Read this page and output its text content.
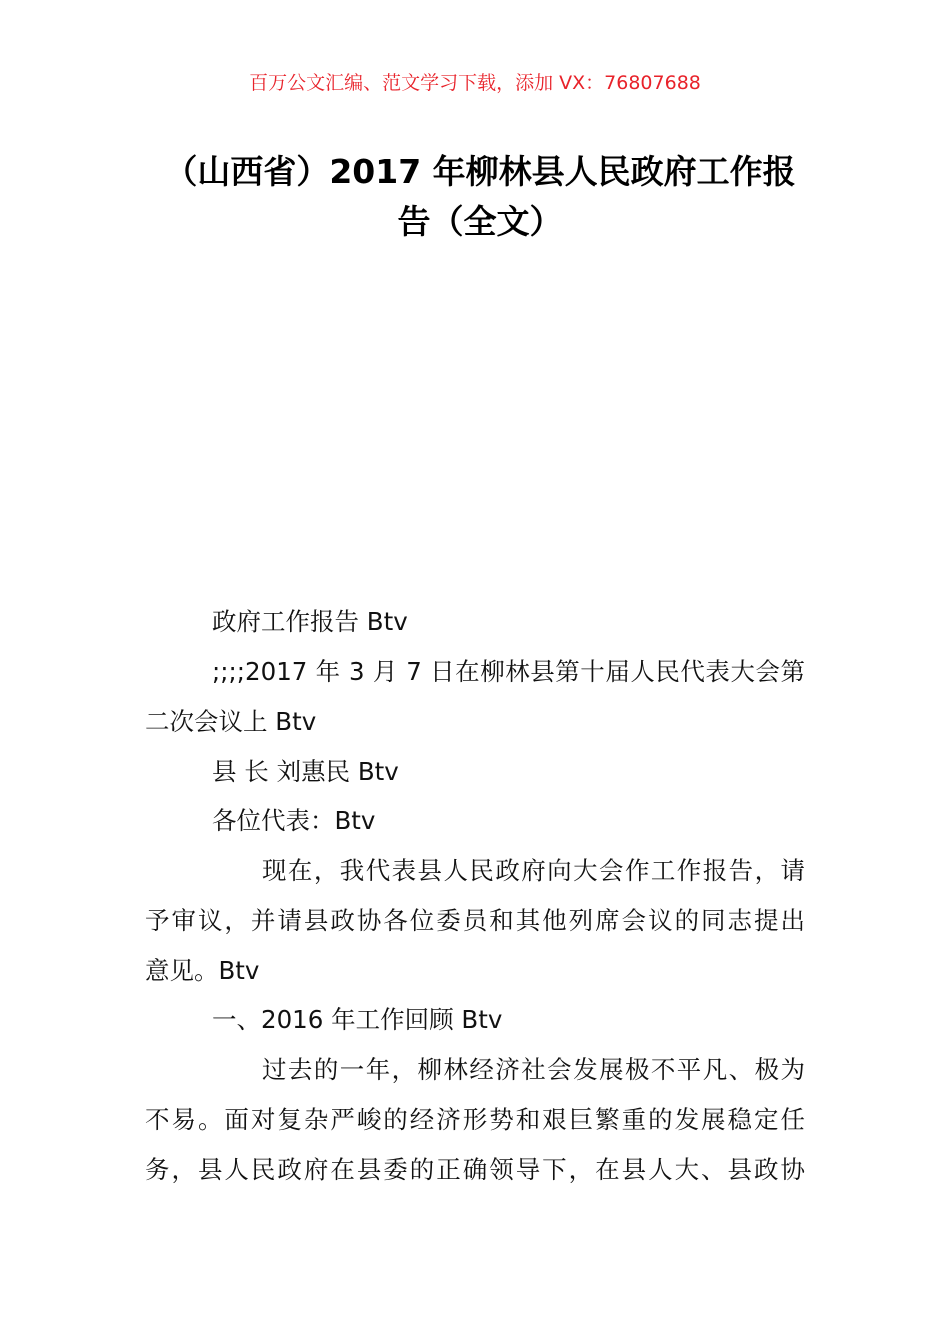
百万公文汇编、范文学习下载，添加 VX：76807688
（山西省）2017 年柳林县人民政府工作报
告（全文）
政府工作报告 Btv
;;;;2017 年 3 月 7 日在柳林县第十届人民代表大会第
二次会议上 Btv
县 长 刘惠民 Btv
各位代表：Btv
现在，我代表县人民政府向大会作工作报告，请
予审议，并请县政协各位委员和其他列席会议的同志提出
意见。Btv
一、2016 年工作回顾 Btv
过去的一年，柳林经济社会发展极不平凡、极为
不易。面对复杂严峻的经济形势和艰巨繁重的发展稳定任
务，县人民政府在县委的正确领导下，在县人大、县政协
